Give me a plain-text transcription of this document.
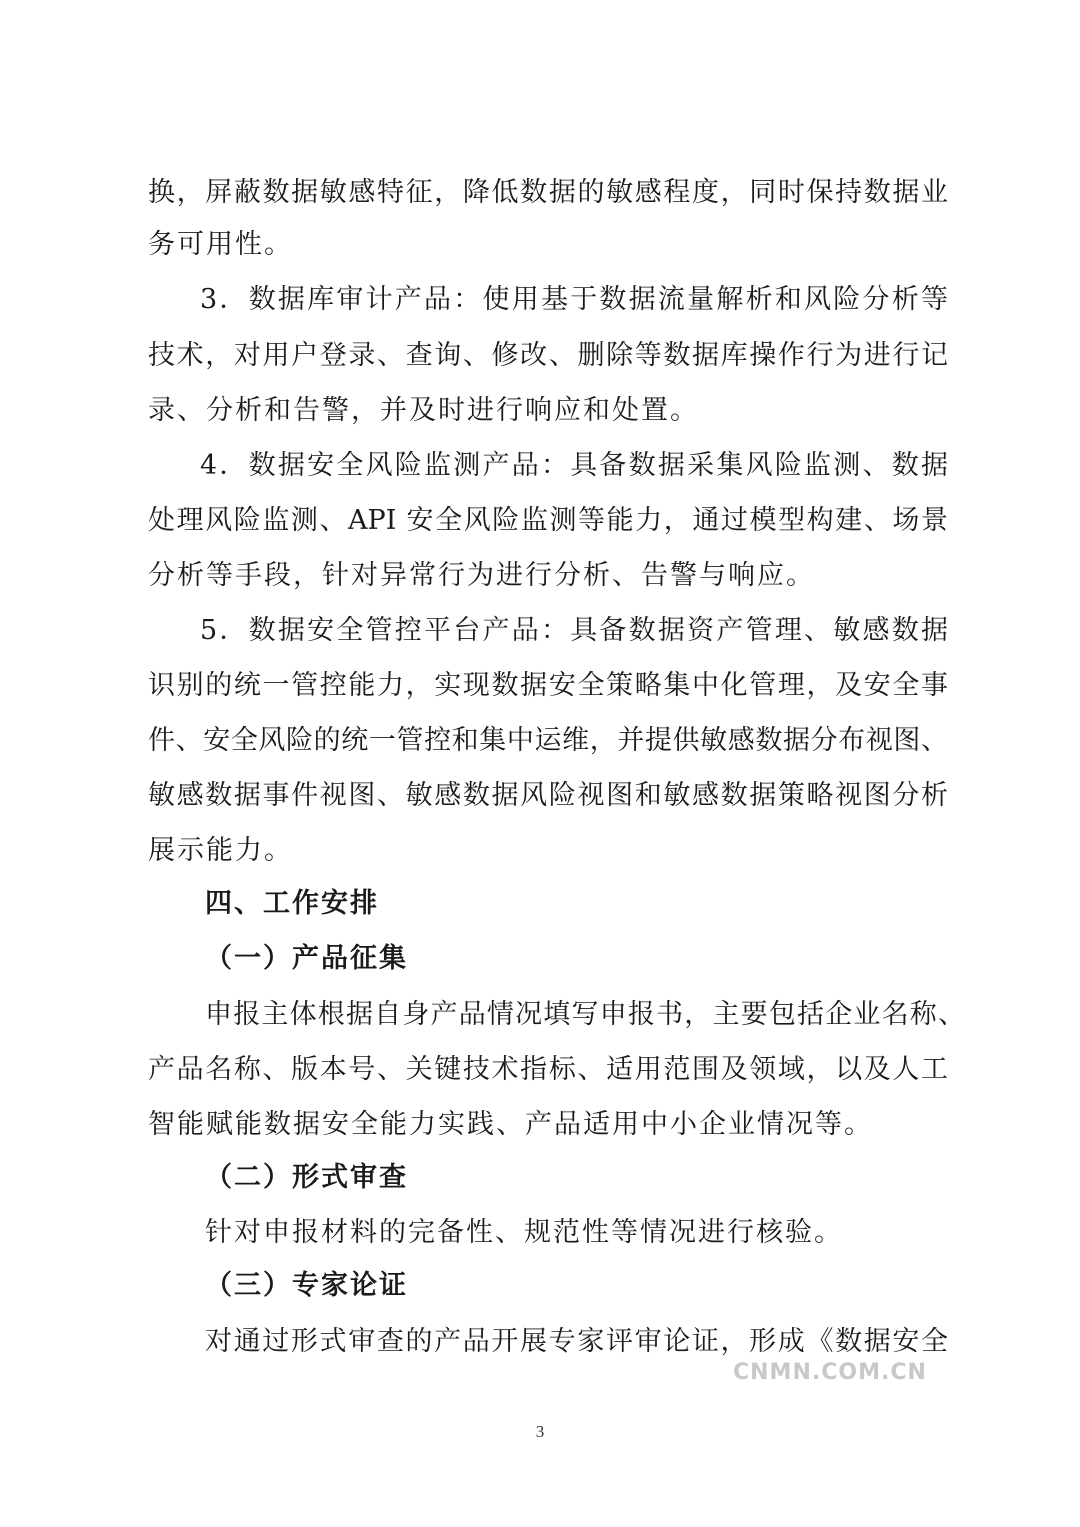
换，屏蔽数据敏感特征，降低数据的敏感程度，同时保持数据业
务可用性。
3．数据库审计产品：使用基于数据流量解析和风险分析等
技术，对用户登录、查询、修改、删除等数据库操作行为进行记
录、分析和告警，并及时进行响应和处置。
4．数据安全风险监测产品：具备数据采集风险监测、数据
处理风险监测、API 安全风险监测等能力，通过模型构建、场景
分析等手段，针对异常行为进行分析、告警与响应。
5．数据安全管控平台产品：具备数据资产管理、敏感数据
识别的统一管控能力，实现数据安全策略集中化管理，及安全事
件、安全风险的统一管控和集中运维，并提供敏感数据分布视图、
敏感数据事件视图、敏感数据风险视图和敏感数据策略视图分析
展示能力。
四、工作安排
（一）产品征集
申报主体根据自身产品情况填写申报书，主要包括企业名称、
产品名称、版本号、关键技术指标、适用范围及领域，以及人工
智能赋能数据安全能力实践、产品适用中小企业情况等。
（二）形式审查
针对申报材料的完备性、规范性等情况进行核验。
（三）专家论证
对通过形式审查的产品开展专家评审论证，形成《数据安全
CNMN.COM.CN
3
